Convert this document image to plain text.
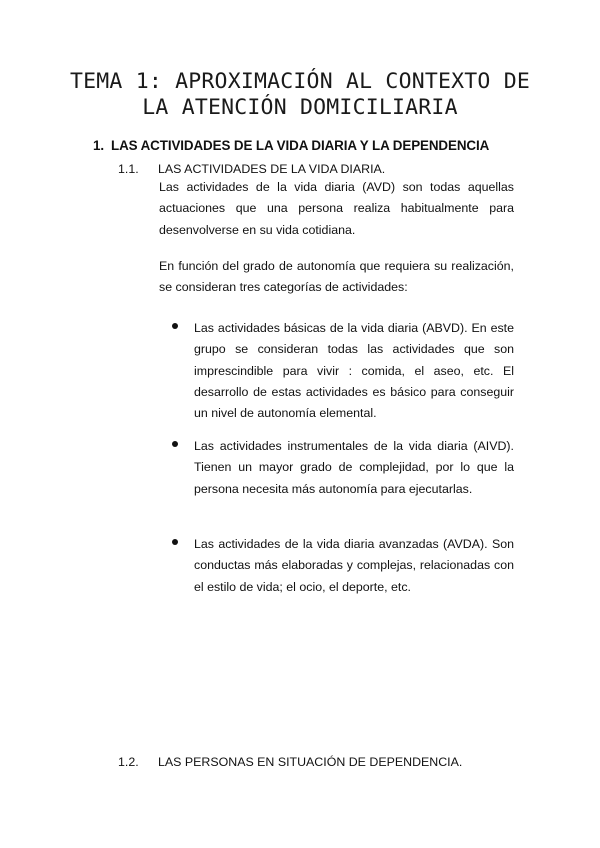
TEMA 1: APROXIMACIÓN AL CONTEXTO DE
LA ATENCIÓN DOMICILIARIA
1. LAS ACTIVIDADES DE LA VIDA DIARIA Y LA DEPENDENCIA
1.1. LAS ACTIVIDADES DE LA VIDA DIARIA.
Las actividades de la vida diaria (AVD) son todas aquellas actuaciones que una persona realiza habitualmente para desenvolverse en su vida cotidiana.
En función del grado de autonomía que requiera su realización, se consideran tres categorías de actividades:
Las actividades básicas de la vida diaria (ABVD). En este grupo se consideran todas las actividades que son imprescindible para vivir : comida, el aseo, etc. El desarrollo de estas actividades es básico para conseguir un nivel de autonomía elemental.
Las actividades instrumentales de la vida diaria (AIVD). Tienen un mayor grado de complejidad, por lo que la persona necesita más autonomía para ejecutarlas.
Las actividades de la vida diaria avanzadas (AVDA). Son conductas más elaboradas y complejas, relacionadas con el estilo de vida; el ocio, el deporte, etc.
1.2. LAS PERSONAS EN SITUACIÓN DE DEPENDENCIA.
